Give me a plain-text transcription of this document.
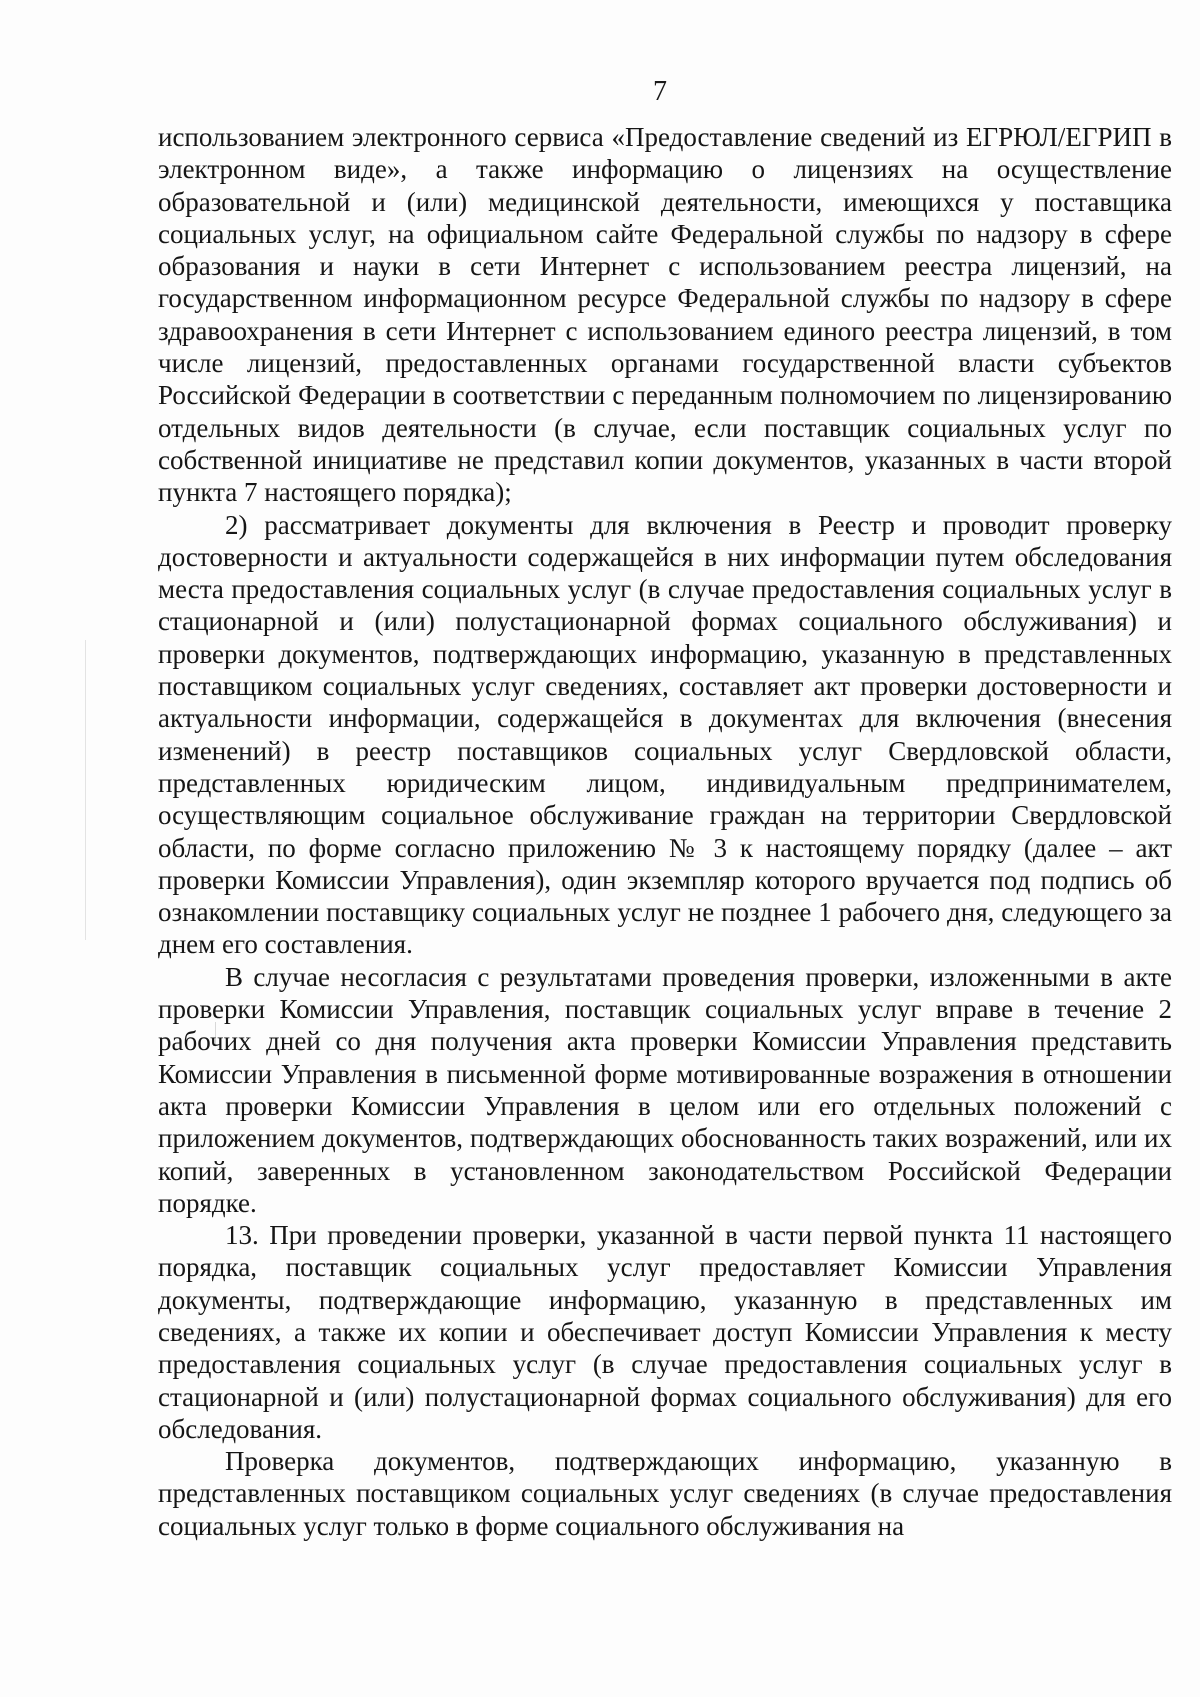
7

использованием электронного сервиса «Предоставление сведений из ЕГРЮЛ/ЕГРИП в электронном виде», а также информацию о лицензиях на осуществление образовательной и (или) медицинской деятельности, имеющихся у поставщика социальных услуг, на официальном сайте Федеральной службы по надзору в сфере образования и науки в сети Интернет с использованием реестра лицензий, на государственном информационном ресурсе Федеральной службы по надзору в сфере здравоохранения в сети Интернет с использованием единого реестра лицензий, в том числе лицензий, предоставленных органами государственной власти субъектов Российской Федерации в соответствии с переданным полномочием по лицензированию отдельных видов деятельности (в случае, если поставщик социальных услуг по собственной инициативе не представил копии документов, указанных в части второй пункта 7 настоящего порядка);

2) рассматривает документы для включения в Реестр и проводит проверку достоверности и актуальности содержащейся в них информации путем обследования места предоставления социальных услуг (в случае предоставления социальных услуг в стационарной и (или) полустационарной формах социального обслуживания) и проверки документов, подтверждающих информацию, указанную в представленных поставщиком социальных услуг сведениях, составляет акт проверки достоверности и актуальности информации, содержащейся в документах для включения (внесения изменений) в реестр поставщиков социальных услуг Свердловской области, представленных юридическим лицом, индивидуальным предпринимателем, осуществляющим социальное обслуживание граждан на территории Свердловской области, по форме согласно приложению № 3 к настоящему порядку (далее – акт проверки Комиссии Управления), один экземпляр которого вручается под подпись об ознакомлении поставщику социальных услуг не позднее 1 рабочего дня, следующего за днем его составления.

В случае несогласия с результатами проведения проверки, изложенными в акте проверки Комиссии Управления, поставщик социальных услуг вправе в течение 2 рабочих дней со дня получения акта проверки Комиссии Управления представить Комиссии Управления в письменной форме мотивированные возражения в отношении акта проверки Комиссии Управления в целом или его отдельных положений с приложением документов, подтверждающих обоснованность таких возражений, или их копий, заверенных в установленном законодательством Российской Федерации порядке.

13. При проведении проверки, указанной в части первой пункта 11 настоящего порядка, поставщик социальных услуг предоставляет Комиссии Управления документы, подтверждающие информацию, указанную в представленных им сведениях, а также их копии и обеспечивает доступ Комиссии Управления к месту предоставления социальных услуг (в случае предоставления социальных услуг в стационарной и (или) полустационарной формах социального обслуживания) для его обследования.

Проверка документов, подтверждающих информацию, указанную в представленных поставщиком социальных услуг сведениях (в случае предоставления социальных услуг только в форме социального обслуживания на
